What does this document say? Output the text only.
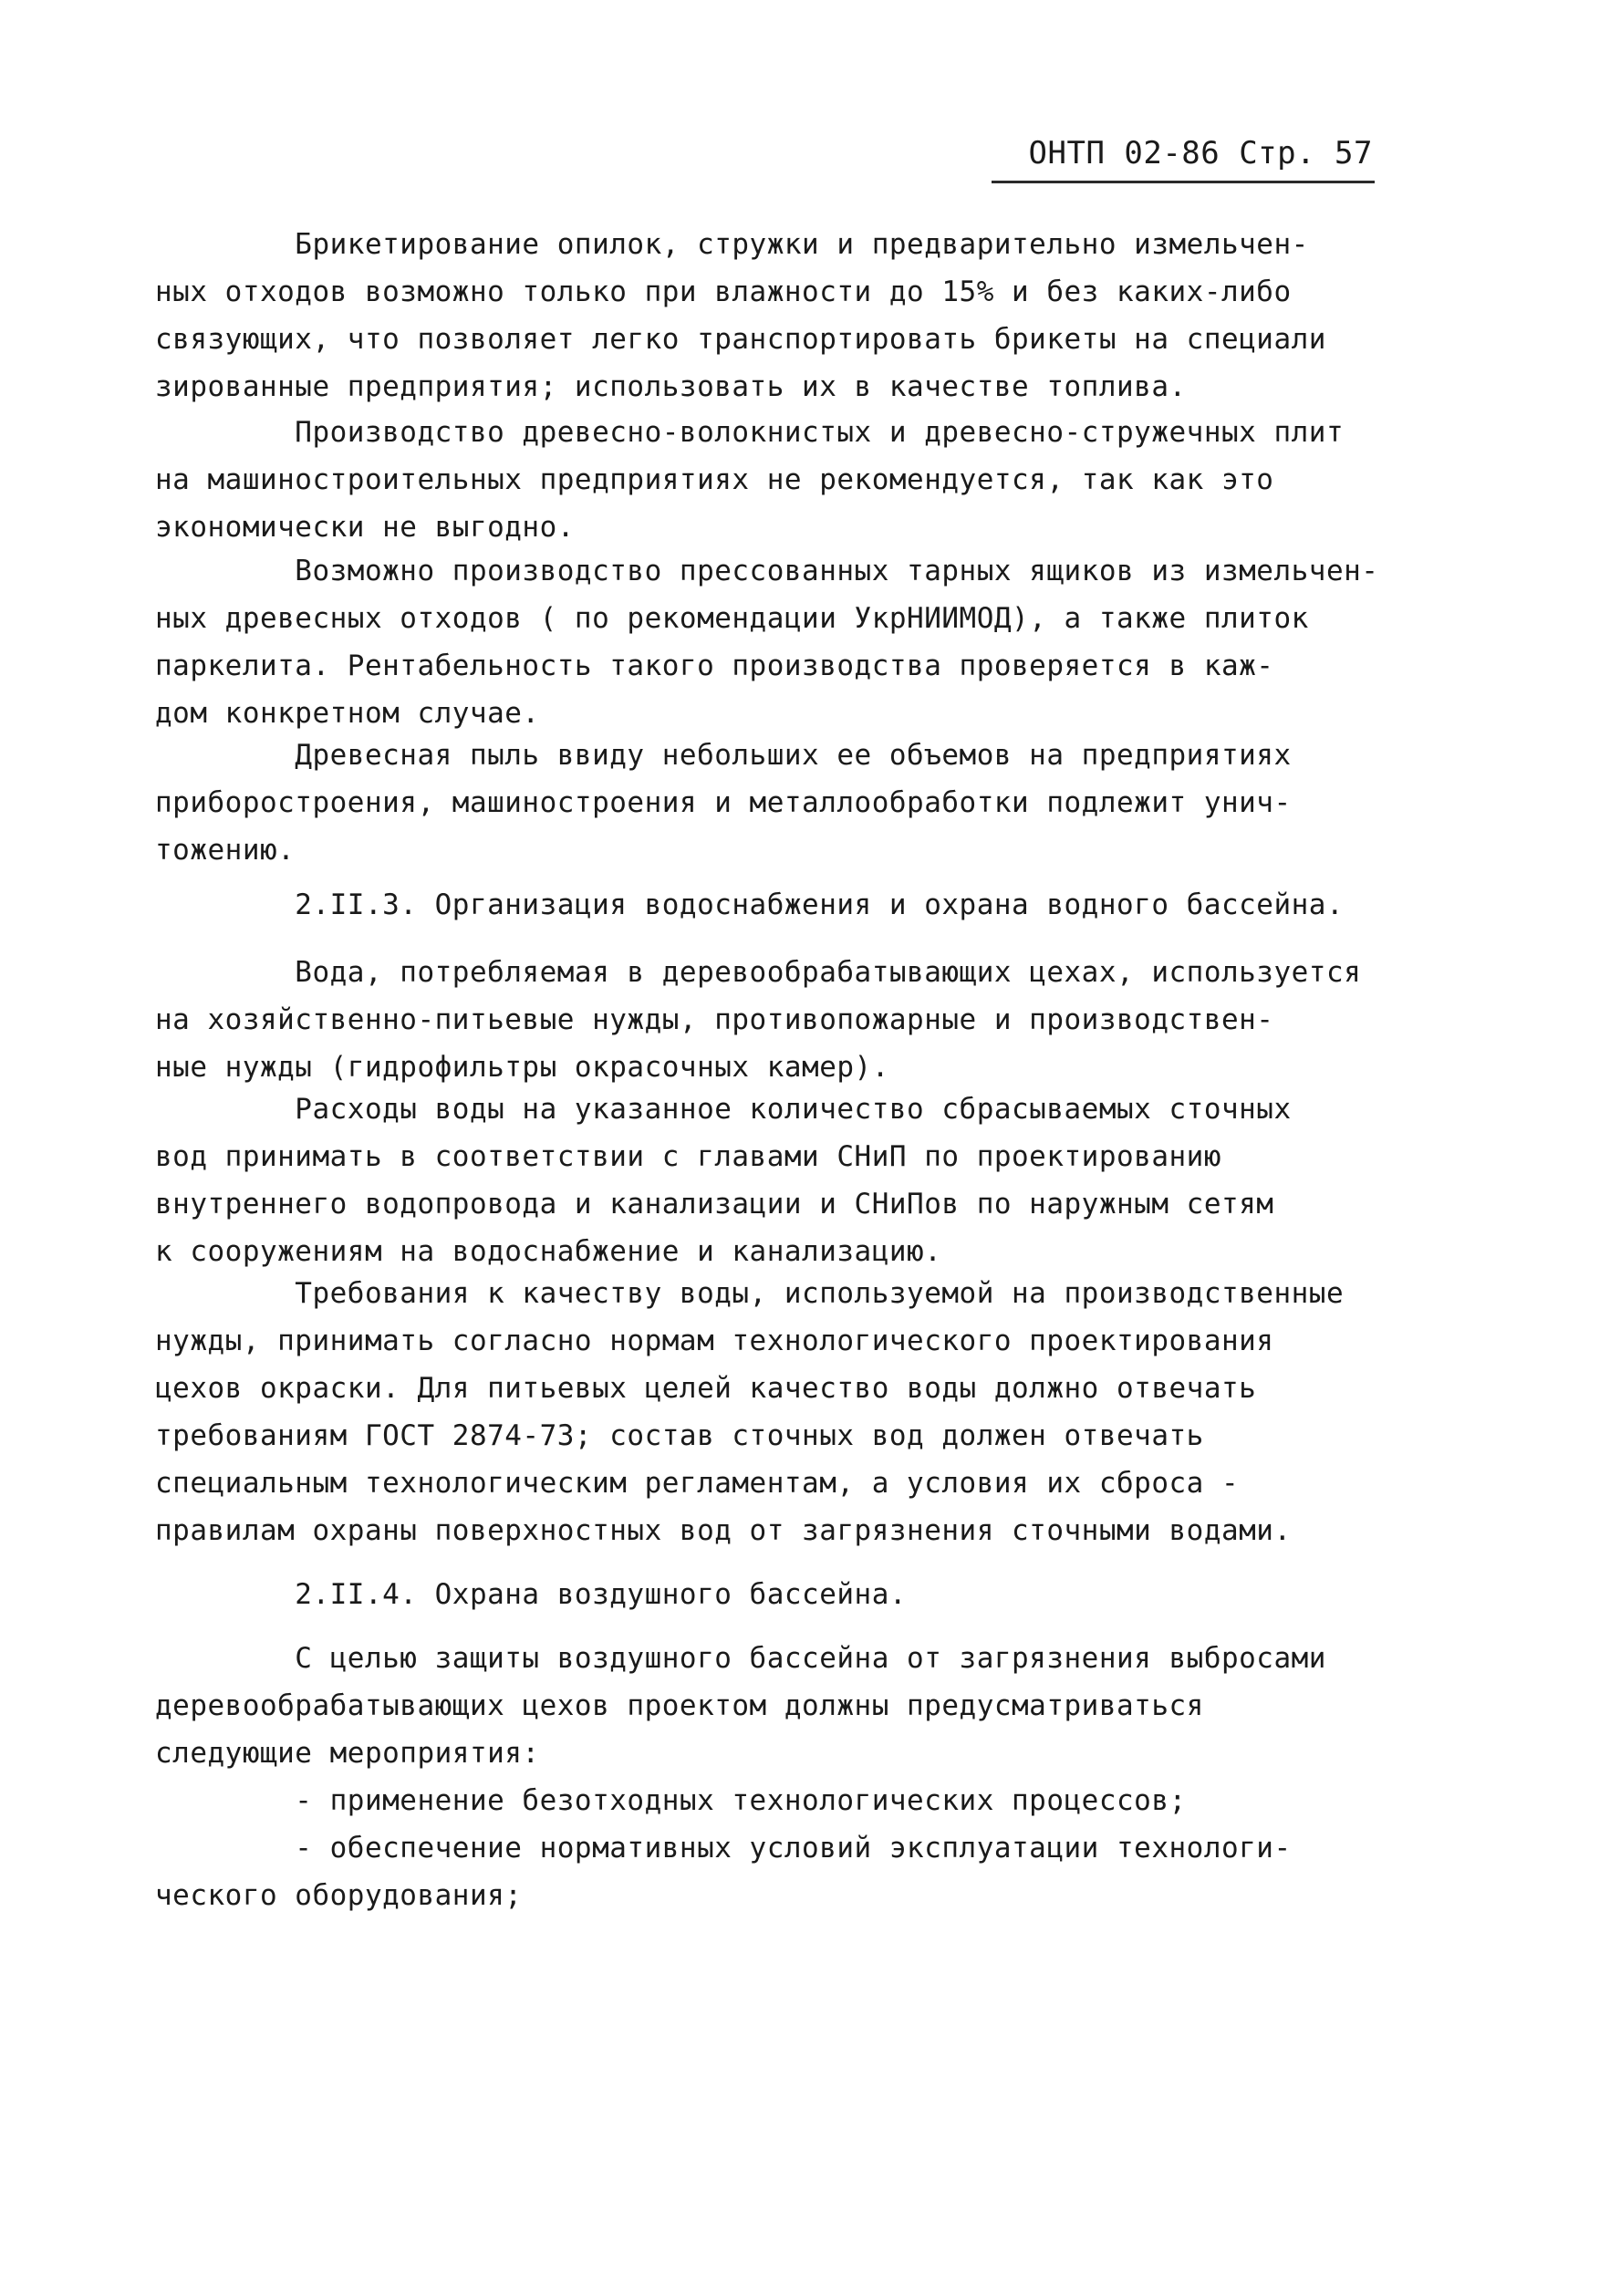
ОНТП 02-86 Стр. 57
Брикетирование опилок, стружки и предварительно измельчен-
ных отходов возможно только при влажности до 15% и без каких-либо
связующих, что позволяет легко транспортировать брикеты на специали
зированные предприятия; использовать их в качестве топлива.
Производство древесно-волокнистых и древесно-стружечных плит
на машиностроительных предприятиях не рекомендуется, так как это
экономически не выгодно.
Возможно производство прессованных тарных ящиков из измельчен-
ных древесных отходов ( по рекомендации УкрНИИМОД), а также плиток
паркелита. Рентабельность такого производства проверяется в каж-
дом конкретном случае.
Древесная пыль ввиду небольших ее объемов на предприятиях
приборостроения, машиностроения и металлообработки подлежит унич-
тожению.
2.II.3. Организация водоснабжения и охрана водного бассейна.
Вода, потребляемая в деревообрабатывающих цехах, используется
на хозяйственно-питьевые нужды, противопожарные и производствен-
ные нужды (гидрофильтры окрасочных камер).
Расходы воды на указанное количество сбрасываемых сточных
вод принимать в соответствии с главами СНиП по проектированию
внутреннего водопровода и канализации и СНиПов по наружным сетям
к сооружениям на водоснабжение и канализацию.
Требования к качеству воды, используемой на производственные
нужды, принимать согласно нормам технологического проектирования
цехов окраски. Для питьевых целей качество воды должно отвечать
требованиям ГОСТ 2874-73; состав сточных вод должен отвечать
специальным технологическим регламентам, а условия их сброса -
правилам охраны поверхностных вод от загрязнения сточными водами.
2.II.4. Охрана воздушного бассейна.
С целью защиты воздушного бассейна от загрязнения выбросами
деревообрабатывающих цехов проектом должны предусматриваться
следующие мероприятия:
- применение безотходных технологических процессов;
- обеспечение нормативных условий эксплуатации технологи-
ческого оборудования;
